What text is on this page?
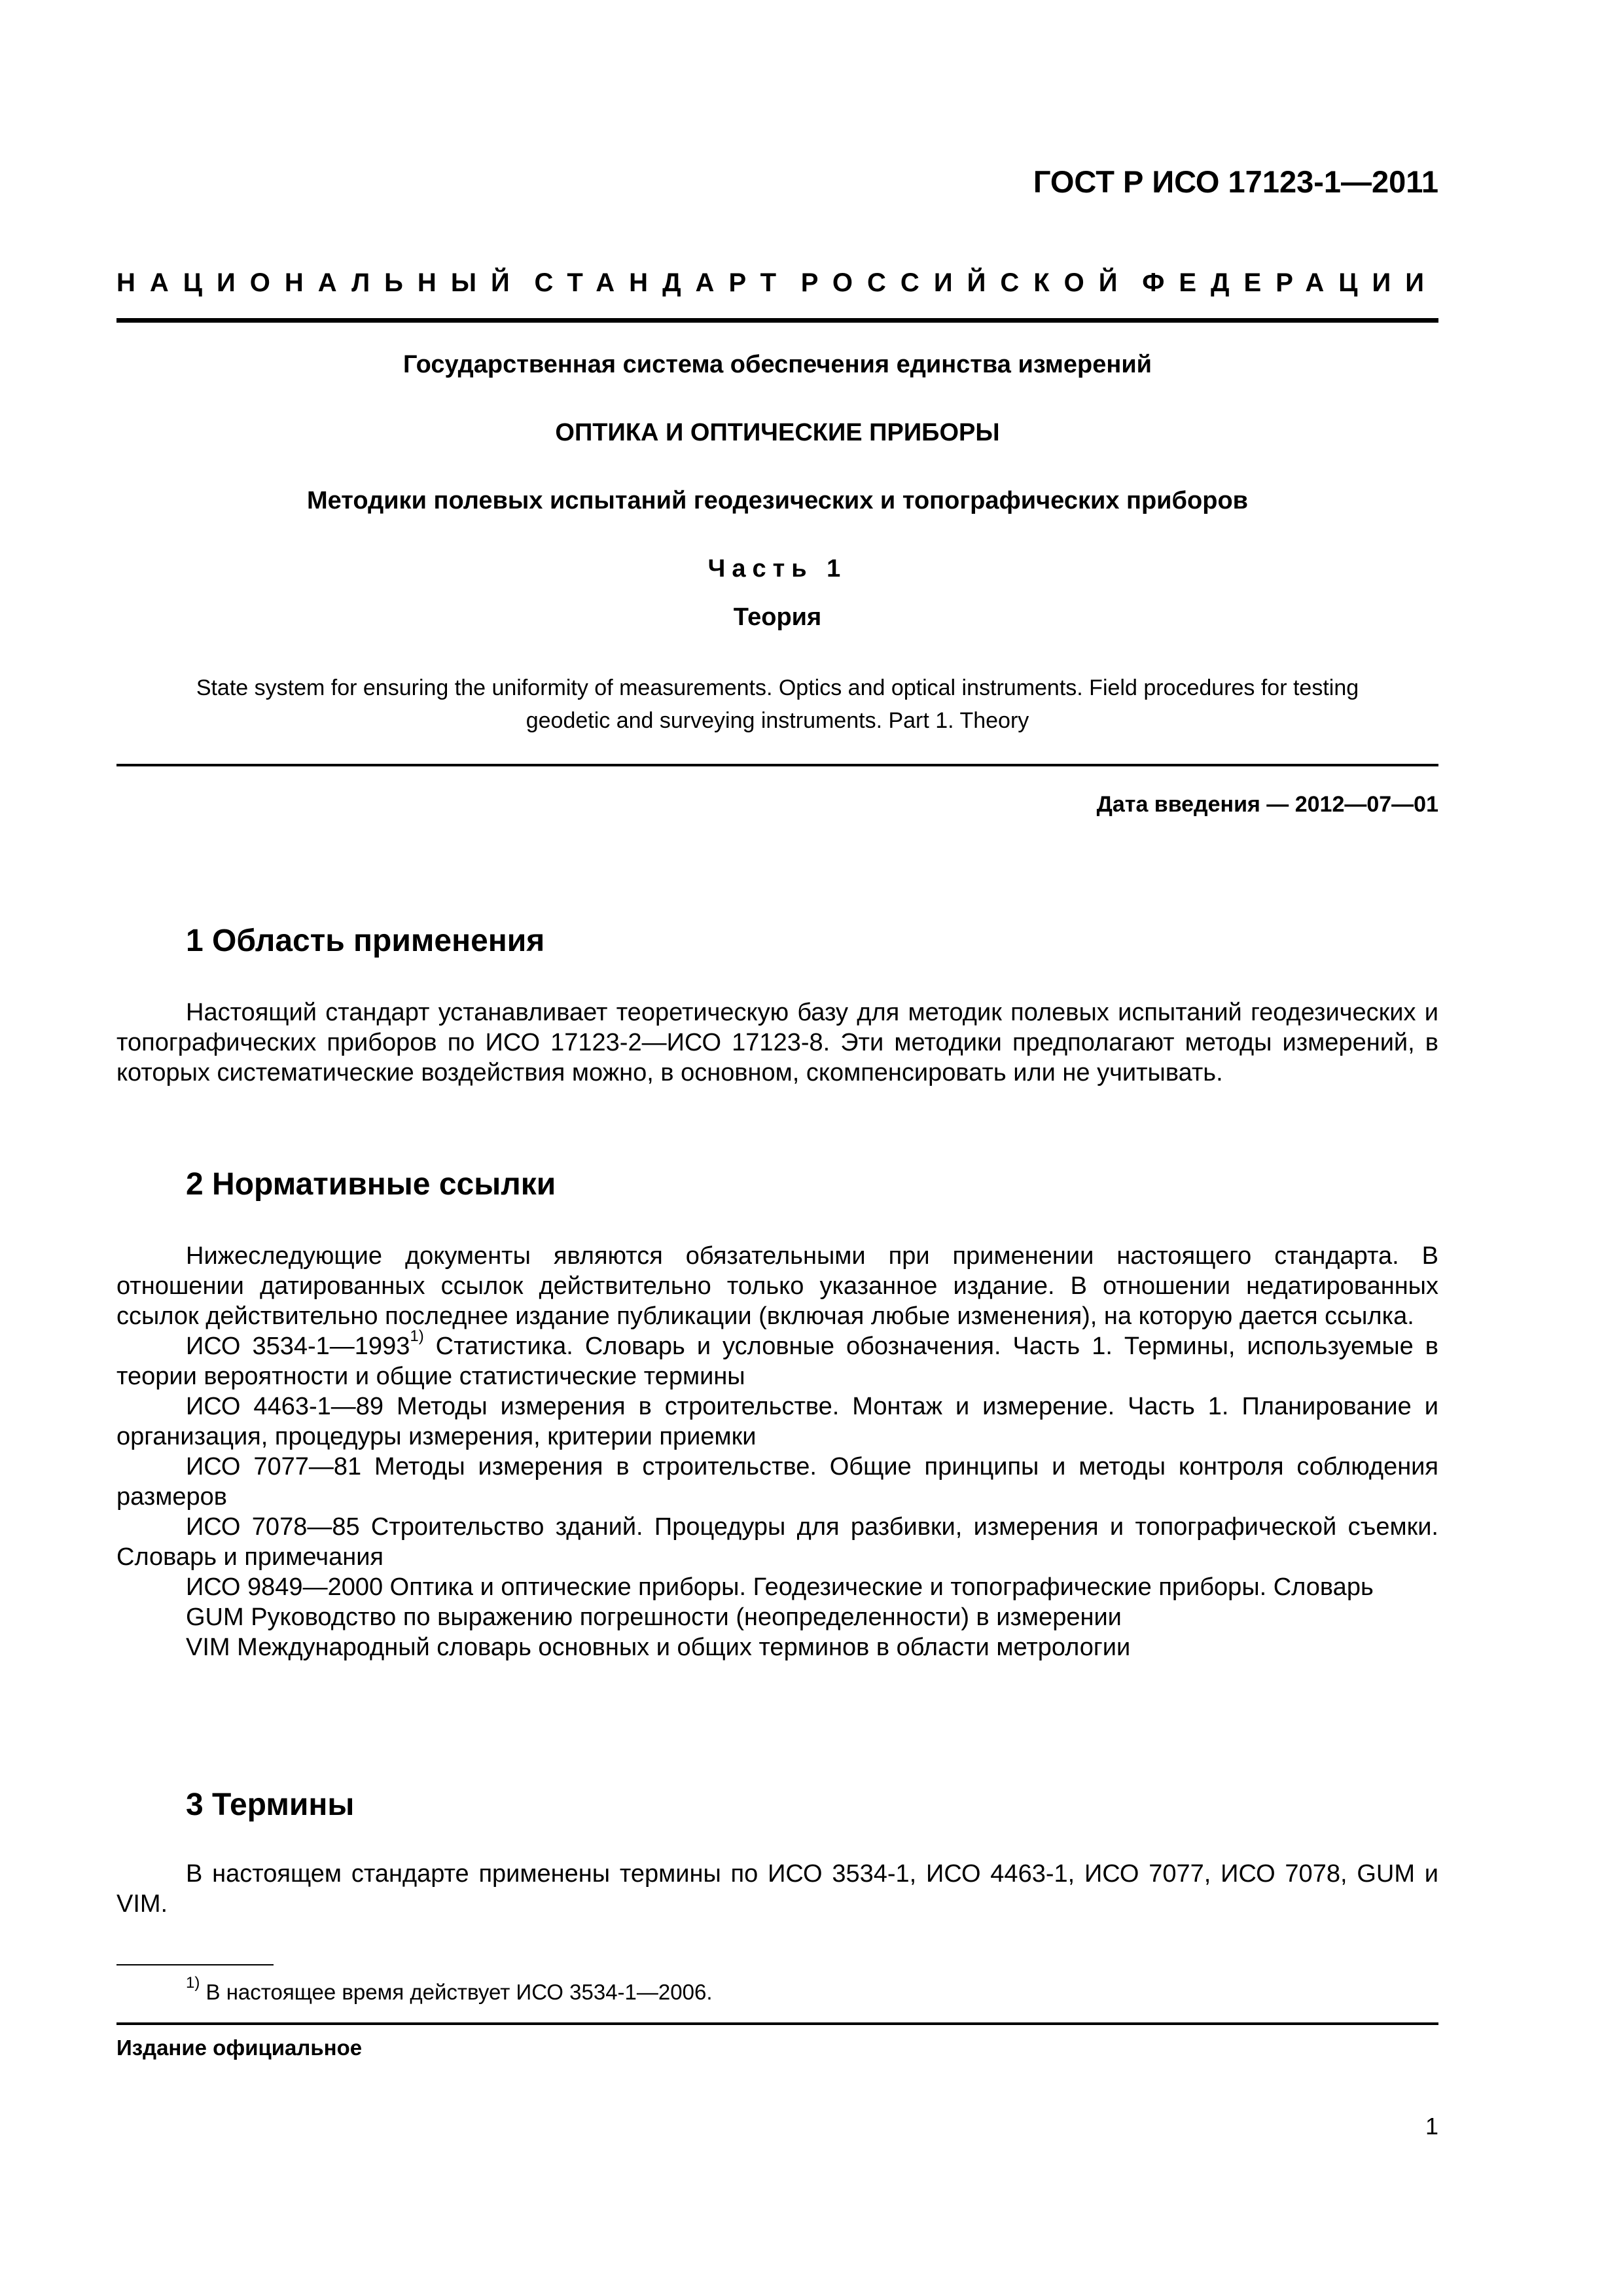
ГОСТ Р ИСО 17123-1—2011
НАЦИОНАЛЬНЫЙ СТАНДАРТ РОССИЙСКОЙ ФЕДЕРАЦИИ
Государственная система обеспечения единства измерений
ОПТИКА И ОПТИЧЕСКИЕ ПРИБОРЫ
Методики полевых испытаний геодезических и топографических приборов
Часть 1
Теория
State system for ensuring the uniformity of measurements. Optics and optical instruments. Field procedures for testing
geodetic and surveying instruments. Part 1. Theory
Дата введения — 2012—07—01
1 Область применения

Настоящий стандарт устанавливает теоретическую базу для методик полевых испытаний геодезических и топографических приборов по ИСО 17123-2—ИСО 17123-8. Эти методики предполагают методы измерений, в которых систематические воздействия можно, в основном, скомпенсировать или не учитывать.

2 Нормативные ссылки

Нижеследующие документы являются обязательными при применении настоящего стандарта. В отношении датированных ссылок действительно только указанное издание. В отношении недатированных ссылок действительно последнее издание публикации (включая любые изменения), на которую дается ссылка.

ИСО 3534-1—1993$^{1)}$ Статистика. Словарь и условные обозначения. Часть 1. Термины, используемые в теории вероятности и общие статистические термины

ИСО 4463-1—89 Методы измерения в строительстве. Монтаж и измерение. Часть 1. Планирование и организация, процедуры измерения, критерии приемки

ИСО 7077—81 Методы измерения в строительстве. Общие принципы и методы контроля соблюдения размеров

ИСО 7078—85 Строительство зданий. Процедуры для разбивки, измерения и топографической съемки. Словарь и примечания

ИСО 9849—2000 Оптика и оптические приборы. Геодезические и топографические приборы. Словарь

GUM Руководство по выражению погрешности (неопределенности) в измерении

VIM Международный словарь основных и общих терминов в области метрологии

3 Термины

В настоящем стандарте применены термины по ИСО 3534-1, ИСО 4463-1, ИСО 7077, ИСО 7078, GUM и VIM.

$^{1)}$ В настоящее время действует ИСО 3534-1—2006.
Издание официальное
1
